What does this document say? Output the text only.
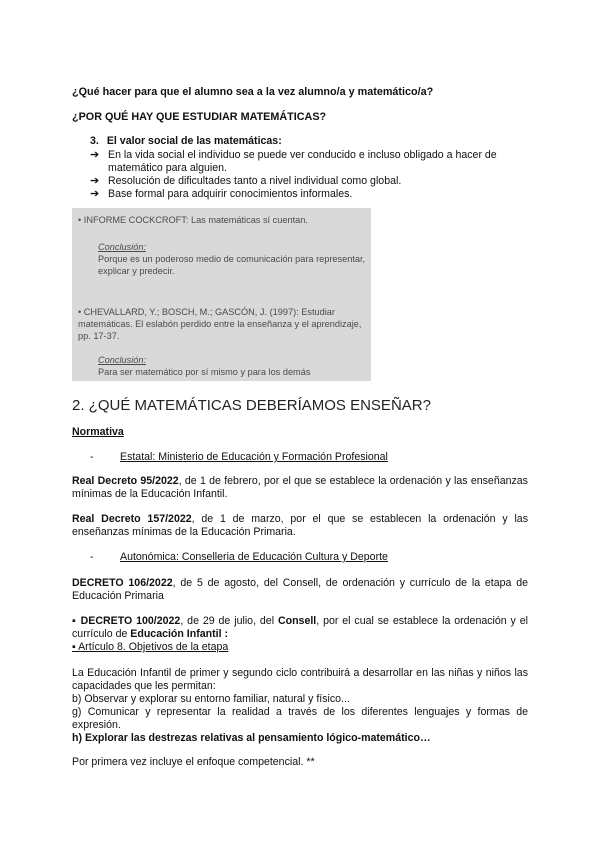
¿Qué hacer para que el alumno sea a la vez alumno/a y matemático/a?
¿POR QUÉ HAY QUE ESTUDIAR MATEMÁTICAS?
3. El valor social de las matemáticas:
➔ En la vida social el individuo se puede ver conducido e incluso obligado a hacer de matemático para alguien.
➔ Resolución de dificultades tanto a nivel individual como global.
➔ Base formal para adquirir conocimientos informales.
• INFORME COCKCROFT: Las matemáticas sí cuentan.
Conclusión:
Porque es un poderoso medio de comunicación para representar, explicar y predecir.
• CHEVALLARD, Y.; BOSCH, M.; GASCÓN, J. (1997): Estudiar matemáticas. El eslabón perdido entre la enseñanza y el aprendizaje, pp. 17-37.
Conclusión:
Para ser matemático por sí mismo y para los demás
2. ¿QUÉ MATEMÁTICAS DEBERÍAMOS ENSEÑAR?
Normativa
-	Estatal: Ministerio de Educación y Formación Profesional
Real Decreto 95/2022, de 1 de febrero, por el que se establece la ordenación y las enseñanzas mínimas de la Educación Infantil.
Real Decreto 157/2022, de 1 de marzo, por el que se establecen la ordenación y las enseñanzas mínimas de la Educación Primaria.
-	Autonómica: Conselleria de Educación Cultura y Deporte
DECRETO 106/2022, de 5 de agosto, del Consell, de ordenación y currículo de la etapa de Educación Primaria
▪ DECRETO 100/2022, de 29 de julio, del Consell, por el cual se establece la ordenación y el currículo de Educación Infantil :
▪ Artículo 8. Objetivos de la etapa
La Educación Infantil de primer y segundo ciclo contribuirá a desarrollar en las niñas y niños las capacidades que les permitan:
b) Observar y explorar su entorno familiar, natural y físico...
g) Comunicar y representar la realidad a través de los diferentes lenguajes y formas de expresión.
h) Explorar las destrezas relativas al pensamiento lógico-matemático…
Por primera vez incluye el enfoque competencial. **
